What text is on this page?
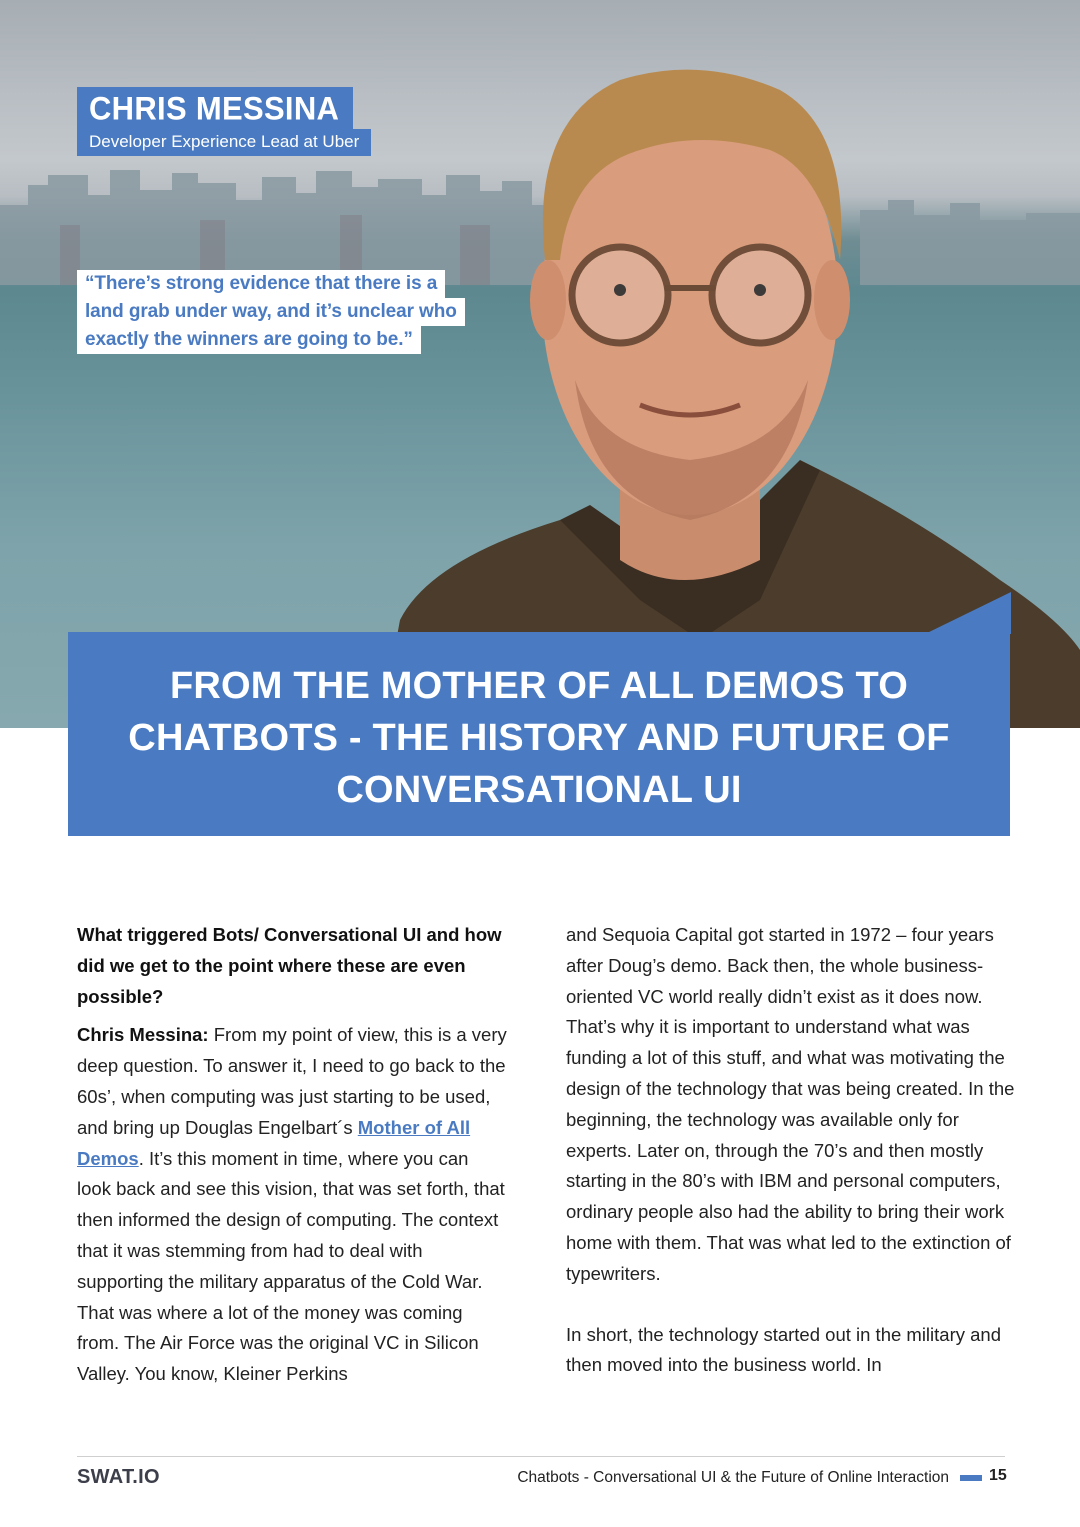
CHRIS MESSINA
Developer Experience Lead at Uber
“There’s strong evidence that there is a
land grab under way, and it’s unclear who
exactly the winners are going to be.”
FROM THE MOTHER OF ALL DEMOS TO
CHATBOTS - THE HISTORY AND FUTURE OF
CONVERSATIONAL UI

What triggered Bots/ Conversational UI and how did we get to the point where these are even possible?

Chris Messina: From my point of view, this is a very deep question. To answer it, I need to go back to the 60s’, when computing was just starting to be used, and bring up Douglas Engelbart´s Mother of All Demos. It’s this moment in time, where you can look back and see this vision, that was set forth, that then informed the design of computing. The context that it was stemming from had to deal with supporting the military apparatus of the Cold War. That was where a lot of the money was coming from. The Air Force was the original VC in Silicon Valley. You know, Kleiner Perkins

and Sequoia Capital got started in 1972 – four years after Doug’s demo. Back then, the whole business-oriented VC world really didn’t exist as it does now. That’s why it is important to understand what was funding a lot of this stuff, and what was motivating the design of the technology that was being created. In the beginning, the technology was available only for experts. Later on, through the 70’s and then mostly starting in the 80’s with IBM and personal computers, ordinary people also had the ability to bring their work home with them. That was what led to the extinction of typewriters.

In short, the technology started out in the military and then moved into the business world. In

SWAT.IO	Chatbots - Conversational UI & the Future of Online Interaction	15
